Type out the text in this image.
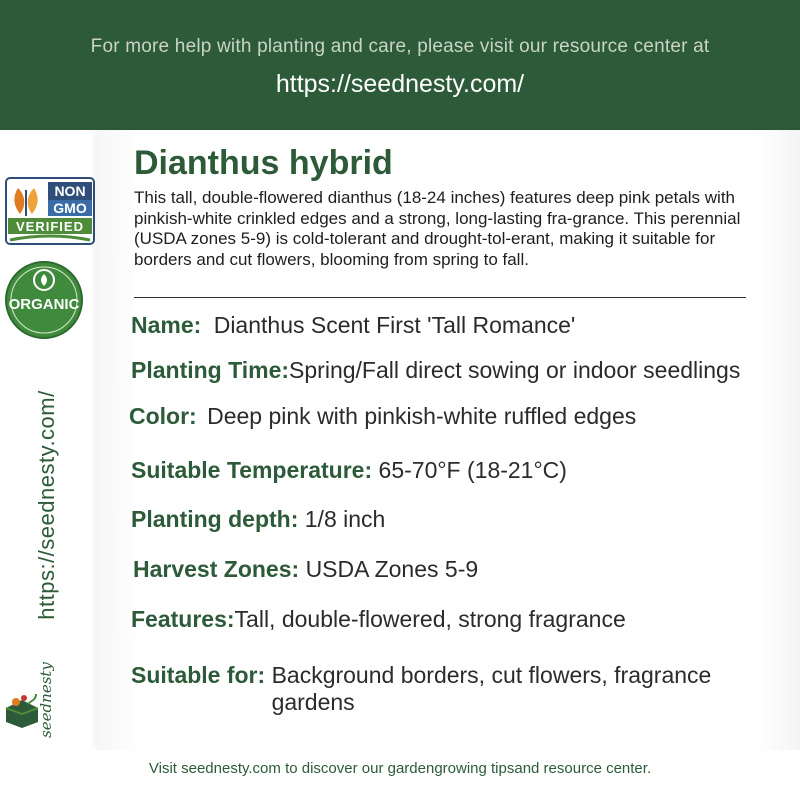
For more help with planting and care, please visit our resource center at
https://seednesty.com/
NON
GMO
VERIFIED
ORGANIC
https://seednesty.com/
seednesty
Dianthus hybrid
This tall, double-flowered dianthus (18-24 inches) features deep pink petals with pinkish-white crinkled edges and a strong, long-lasting fra-grance. This perennial (USDA zones 5-9) is cold-tolerant and drought-tol-erant, making it suitable for borders and cut flowers, blooming from spring to fall.
Name: Dianthus Scent First 'Tall Romance'
Planting Time:Spring/Fall direct sowing or indoor seedlings
Color: Deep pink with pinkish-white ruffled edges
Suitable Temperature: 65-70°F (18-21°C)
Planting depth: 1/8 inch
Harvest Zones: USDA Zones 5-9
Features:Tall, double-flowered, strong fragrance
Suitable for: Background borders, cut flowers, fragrance gardens
Visit seednesty.com to discover our gardengrowing tipsand resource center.
